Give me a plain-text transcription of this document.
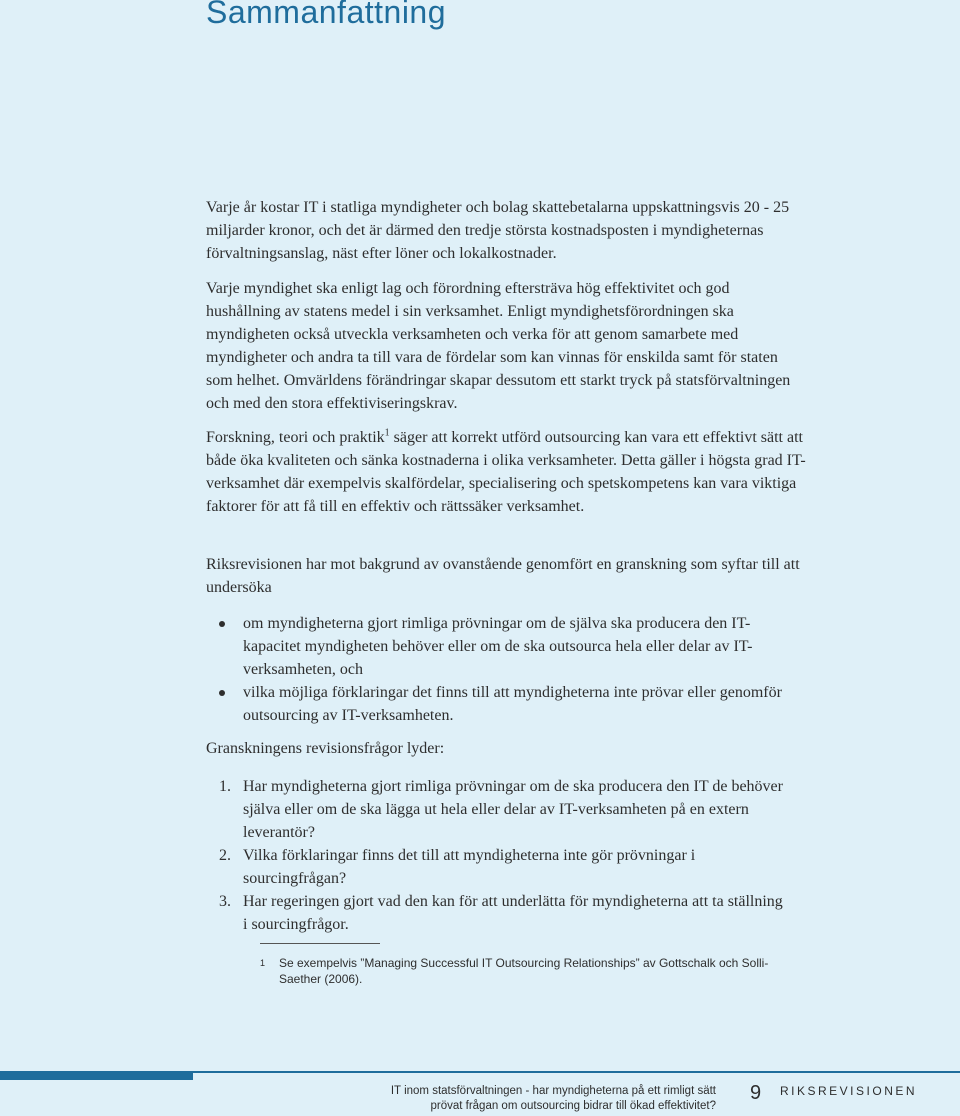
Sammanfattning

Varje år kostar IT i statliga myndigheter och bolag skattebetalarna uppskattningsvis 20 - 25 miljarder kronor, och det är därmed den tredje största kostnadsposten i myndigheternas förvaltningsanslag, näst efter löner och lokalkostnader.

Varje myndighet ska enligt lag och förordning eftersträva hög effektivitet och god hushållning av statens medel i sin verksamhet. Enligt myndighetsförordningen ska myndigheten också utveckla verksamheten och verka för att genom samarbete med myndigheter och andra ta till vara de fördelar som kan vinnas för enskilda samt för staten som helhet. Omvärldens förändringar skapar dessutom ett starkt tryck på statsförvaltningen och med den stora effektiviseringskrav.

Forskning, teori och praktik$^1$ säger att korrekt utförd outsourcing kan vara ett effektivt sätt att både öka kvaliteten och sänka kostnaderna i olika verksamheter. Detta gäller i högsta grad IT-verksamhet där exempelvis skalfördelar, specialisering och spetskompetens kan vara viktiga faktorer för att få till en effektiv och rättssäker verksamhet.

Riksrevisionen har mot bakgrund av ovanstående genomfört en granskning som syftar till att undersöka

om myndigheterna gjort rimliga prövningar om de själva ska producera den IT-kapacitet myndigheten behöver eller om de ska outsourca hela eller delar av IT-verksamheten, och
vilka möjliga förklaringar det finns till att myndigheterna inte prövar eller genomför outsourcing av IT-verksamheten.

Granskningens revisionsfrågor lyder:

1. Har myndigheterna gjort rimliga prövningar om de ska producera den IT de behöver själva eller om de ska lägga ut hela eller delar av IT-verksamheten på en extern leverantör?
2. Vilka förklaringar finns det till att myndigheterna inte gör prövningar i sourcingfrågan?
3. Har regeringen gjort vad den kan för att underlätta för myndigheterna att ta ställning i sourcingfrågor.
1 Se exempelvis ”Managing Successful IT Outsourcing Relationships” av Gottschalk och Solli-Saether (2006).
IT inom statsförvaltningen - har myndigheterna på ett rimligt sätt
prövat frågan om outsourcing bidrar till ökad effektivitet?
9 RIKSREVISIONEN
